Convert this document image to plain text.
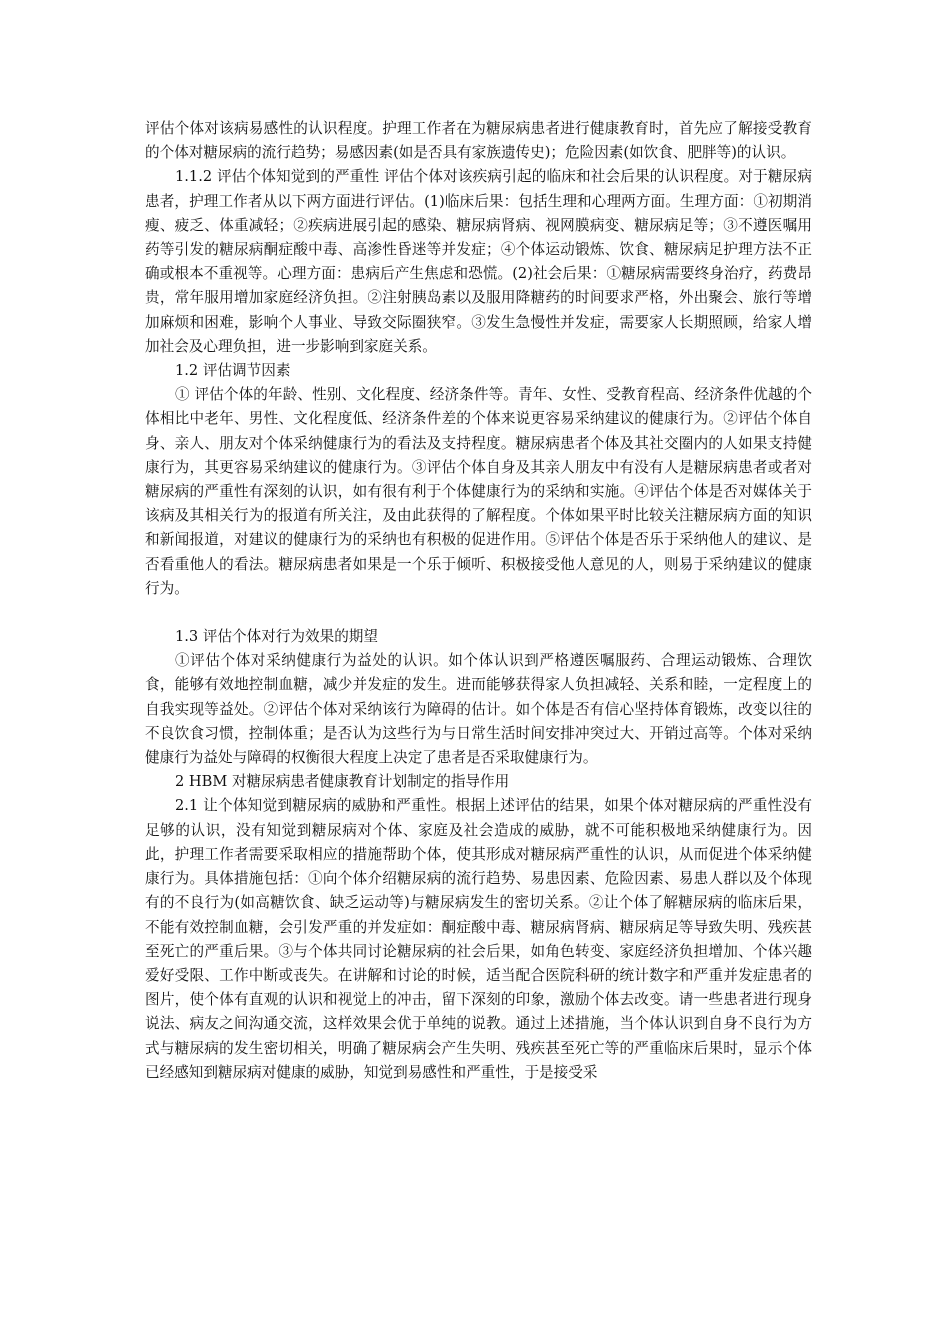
评估个体对该病易感性的认识程度。护理工作者在为糖尿病患者进行健康教育时，首先应了解接受教育的个体对糖尿病的流行趋势；易感因素(如是否具有家族遗传史)；危险因素(如饮食、肥胖等)的认识。

1.1.2 评估个体知觉到的严重性 评估个体对该疾病引起的临床和社会后果的认识程度。对于糖尿病患者，护理工作者从以下两方面进行评估。(1)临床后果：包括生理和心理两方面。生理方面：①初期消瘦、疲乏、体重减轻；②疾病进展引起的感染、糖尿病肾病、视网膜病变、糖尿病足等；③不遵医嘱用药等引发的糖尿病酮症酸中毒、高渗性昏迷等并发症；④个体运动锻炼、饮食、糖尿病足护理方法不正确或根本不重视等。心理方面：患病后产生焦虑和恐慌。(2)社会后果：①糖尿病需要终身治疗，药费昂贵，常年服用增加家庭经济负担。②注射胰岛素以及服用降糖药的时间要求严格，外出聚会、旅行等增加麻烦和困难，影响个人事业、导致交际圈狭窄。③发生急慢性并发症，需要家人长期照顾，给家人增加社会及心理负担，进一步影响到家庭关系。

1.2 评估调节因素

① 评估个体的年龄、性别、文化程度、经济条件等。青年、女性、受教育程高、经济条件优越的个体相比中老年、男性、文化程度低、经济条件差的个体来说更容易采纳建议的健康行为。②评估个体自身、亲人、朋友对个体采纳健康行为的看法及支持程度。糖尿病患者个体及其社交圈内的人如果支持健康行为，其更容易采纳建议的健康行为。③评估个体自身及其亲人朋友中有没有人是糖尿病患者或者对糖尿病的严重性有深刻的认识，如有很有利于个体健康行为的采纳和实施。④评估个体是否对媒体关于该病及其相关行为的报道有所关注，及由此获得的了解程度。个体如果平时比较关注糖尿病方面的知识和新闻报道，对建议的健康行为的采纳也有积极的促进作用。⑤评估个体是否乐于采纳他人的建议、是否看重他人的看法。糖尿病患者如果是一个乐于倾听、积极接受他人意见的人，则易于采纳建议的健康行为。

1.3 评估个体对行为效果的期望

①评估个体对采纳健康行为益处的认识。如个体认识到严格遵医嘱服药、合理运动锻炼、合理饮食，能够有效地控制血糖，减少并发症的发生。进而能够获得家人负担减轻、关系和睦，一定程度上的自我实现等益处。②评估个体对采纳该行为障碍的估计。如个体是否有信心坚持体育锻炼，改变以往的不良饮食习惯，控制体重；是否认为这些行为与日常生活时间安排冲突过大、开销过高等。个体对采纳健康行为益处与障碍的权衡很大程度上决定了患者是否采取健康行为。

2 HBM 对糖尿病患者健康教育计划制定的指导作用

2.1 让个体知觉到糖尿病的威胁和严重性。根据上述评估的结果，如果个体对糖尿病的严重性没有足够的认识，没有知觉到糖尿病对个体、家庭及社会造成的威胁，就不可能积极地采纳健康行为。因此，护理工作者需要采取相应的措施帮助个体，使其形成对糖尿病严重性的认识，从而促进个体采纳健康行为。具体措施包括：①向个体介绍糖尿病的流行趋势、易患因素、危险因素、易患人群以及个体现有的不良行为(如高糖饮食、缺乏运动等)与糖尿病发生的密切关系。②让个体了解糖尿病的临床后果，不能有效控制血糖，会引发严重的并发症如：酮症酸中毒、糖尿病肾病、糖尿病足等导致失明、残疾甚至死亡的严重后果。③与个体共同讨论糖尿病的社会后果，如角色转变、家庭经济负担增加、个体兴趣爱好受限、工作中断或丧失。在讲解和讨论的时候，适当配合医院科研的统计数字和严重并发症患者的图片，使个体有直观的认识和视觉上的冲击，留下深刻的印象，激励个体去改变。请一些患者进行现身说法、病友之间沟通交流，这样效果会优于单纯的说教。通过上述措施，当个体认识到自身不良行为方式与糖尿病的发生密切相关，明确了糖尿病会产生失明、残疾甚至死亡等的严重临床后果时，显示个体已经感知到糖尿病对健康的威胁，知觉到易感性和严重性，于是接受采
